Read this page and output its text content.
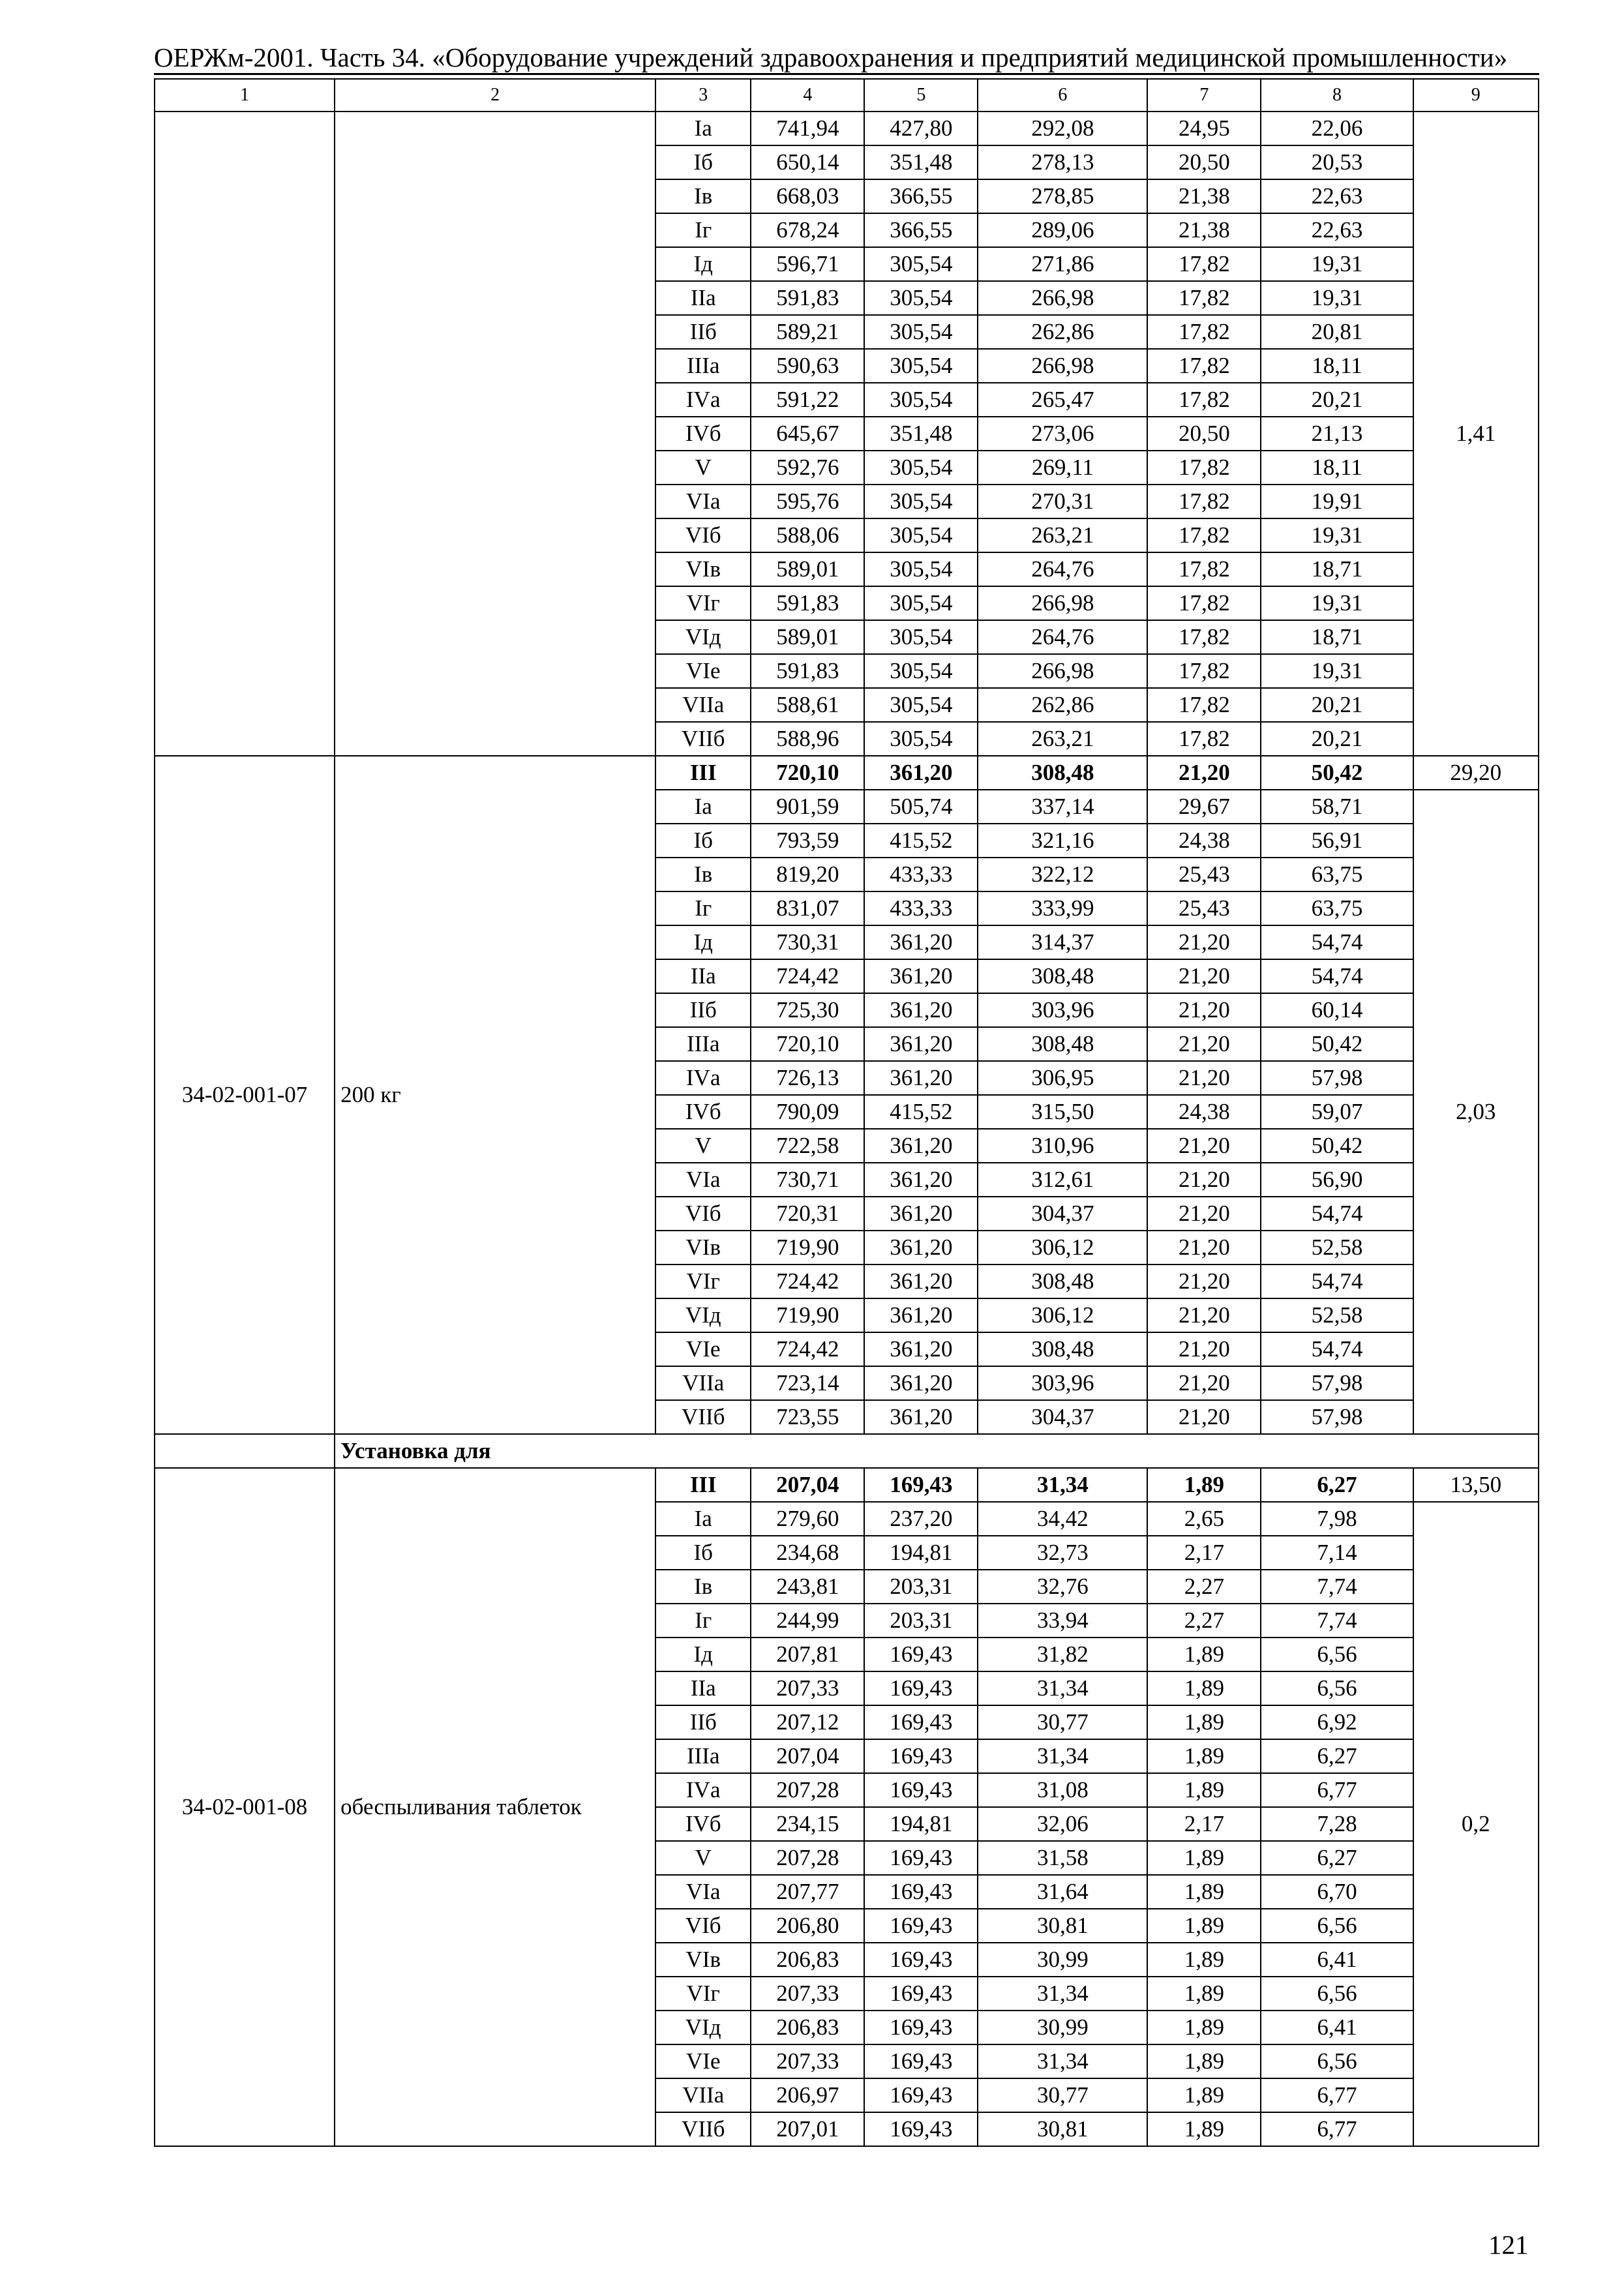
ОЕРЖм-2001. Часть 34. «Оборудование учреждений здравоохранения и предприятий медицинской промышленности»
1	2	3	4	5	6	7	8	9
		Iа	741,94	427,80	292,08	24,95	22,06	1,41
		Iб	650,14	351,48	278,13	20,50	20,53	
		Iв	668,03	366,55	278,85	21,38	22,63	
		Iг	678,24	366,55	289,06	21,38	22,63	
		Iд	596,71	305,54	271,86	17,82	19,31	
		IIа	591,83	305,54	266,98	17,82	19,31	
		IIб	589,21	305,54	262,86	17,82	20,81	
		IIIа	590,63	305,54	266,98	17,82	18,11	
		IVа	591,22	305,54	265,47	17,82	20,21	
		IVб	645,67	351,48	273,06	20,50	21,13	
		V	592,76	305,54	269,11	17,82	18,11	
		VIа	595,76	305,54	270,31	17,82	19,91	
		VIб	588,06	305,54	263,21	17,82	19,31	
		VIв	589,01	305,54	264,76	17,82	18,71	
		VIг	591,83	305,54	266,98	17,82	19,31	
		VIд	589,01	305,54	264,76	17,82	18,71	
		VIе	591,83	305,54	266,98	17,82	19,31	
		VIIа	588,61	305,54	262,86	17,82	20,21	
		VIIб	588,96	305,54	263,21	17,82	20,21	
34-02-001-07	200 кг	III	720,10	361,20	308,48	21,20	50,42	29,20
		Iа	901,59	505,74	337,14	29,67	58,71	2,03
		Iб	793,59	415,52	321,16	24,38	56,91	
		Iв	819,20	433,33	322,12	25,43	63,75	
		Iг	831,07	433,33	333,99	25,43	63,75	
		Iд	730,31	361,20	314,37	21,20	54,74	
		IIа	724,42	361,20	308,48	21,20	54,74	
		IIб	725,30	361,20	303,96	21,20	60,14	
		IIIа	720,10	361,20	308,48	21,20	50,42	
		IVа	726,13	361,20	306,95	21,20	57,98	
		IVб	790,09	415,52	315,50	24,38	59,07	
		V	722,58	361,20	310,96	21,20	50,42	
		VIа	730,71	361,20	312,61	21,20	56,90	
		VIб	720,31	361,20	304,37	21,20	54,74	
		VIв	719,90	361,20	306,12	21,20	52,58	
		VIг	724,42	361,20	308,48	21,20	54,74	
		VIд	719,90	361,20	306,12	21,20	52,58	
		VIе	724,42	361,20	308,48	21,20	54,74	
		VIIа	723,14	361,20	303,96	21,20	57,98	
		VIIб	723,55	361,20	304,37	21,20	57,98	
	Установка для							
34-02-001-08	обеспыливания таблеток	III	207,04	169,43	31,34	1,89	6,27	13,50
		Iа	279,60	237,20	34,42	2,65	7,98	0,2
		Iб	234,68	194,81	32,73	2,17	7,14	
		Iв	243,81	203,31	32,76	2,27	7,74	
		Iг	244,99	203,31	33,94	2,27	7,74	
		Iд	207,81	169,43	31,82	1,89	6,56	
		IIа	207,33	169,43	31,34	1,89	6,56	
		IIб	207,12	169,43	30,77	1,89	6,92	
		IIIа	207,04	169,43	31,34	1,89	6,27	
		IVа	207,28	169,43	31,08	1,89	6,77	
		IVб	234,15	194,81	32,06	2,17	7,28	
		V	207,28	169,43	31,58	1,89	6,27	
		VIа	207,77	169,43	31,64	1,89	6,70	
		VIб	206,80	169,43	30,81	1,89	6,56	
		VIв	206,83	169,43	30,99	1,89	6,41	
		VIг	207,33	169,43	31,34	1,89	6,56	
		VIд	206,83	169,43	30,99	1,89	6,41	
		VIе	207,33	169,43	31,34	1,89	6,56	
		VIIа	206,97	169,43	30,77	1,89	6,77	
		VIIб	207,01	169,43	30,81	1,89	6,77	
121
